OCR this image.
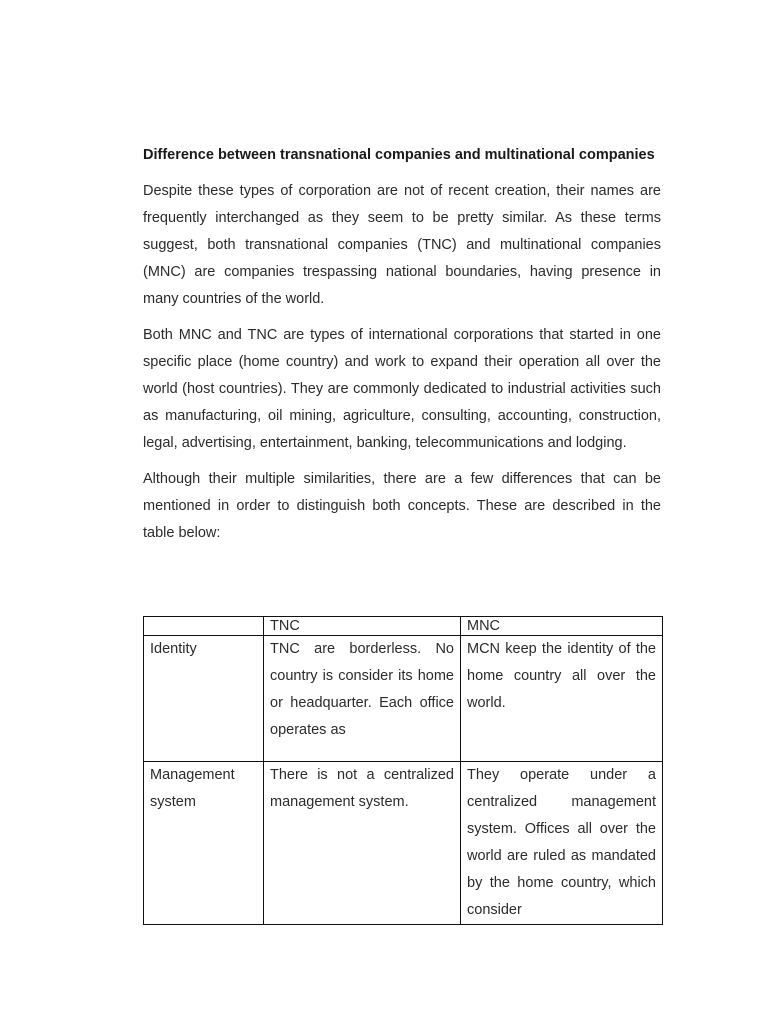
Difference between transnational companies and multinational companies
Despite these types of corporation are not of recent creation, their names are frequently interchanged as they seem to be pretty similar. As these terms suggest, both transnational companies (TNC) and multinational companies (MNC) are companies trespassing national boundaries, having presence in many countries of the world.
Both MNC and TNC are types of international corporations that started in one specific place (home country) and work to expand their operation all over the world (host countries). They are commonly dedicated to industrial activities such as manufacturing, oil mining, agriculture, consulting, accounting, construction, legal, advertising, entertainment, banking, telecommunications and lodging.
Although their multiple similarities, there are a few differences that can be mentioned in order to distinguish both concepts. These are described in the table below:
	TNC	MNC
Identity	TNC are borderless. No country is consider its home or headquarter. Each office operates as	MCN keep the identity of the home country all over the world.
Management system	There is not a centralized management system.	They operate under a centralized management system. Offices all over the world are ruled as mandated by the home country, which consider
